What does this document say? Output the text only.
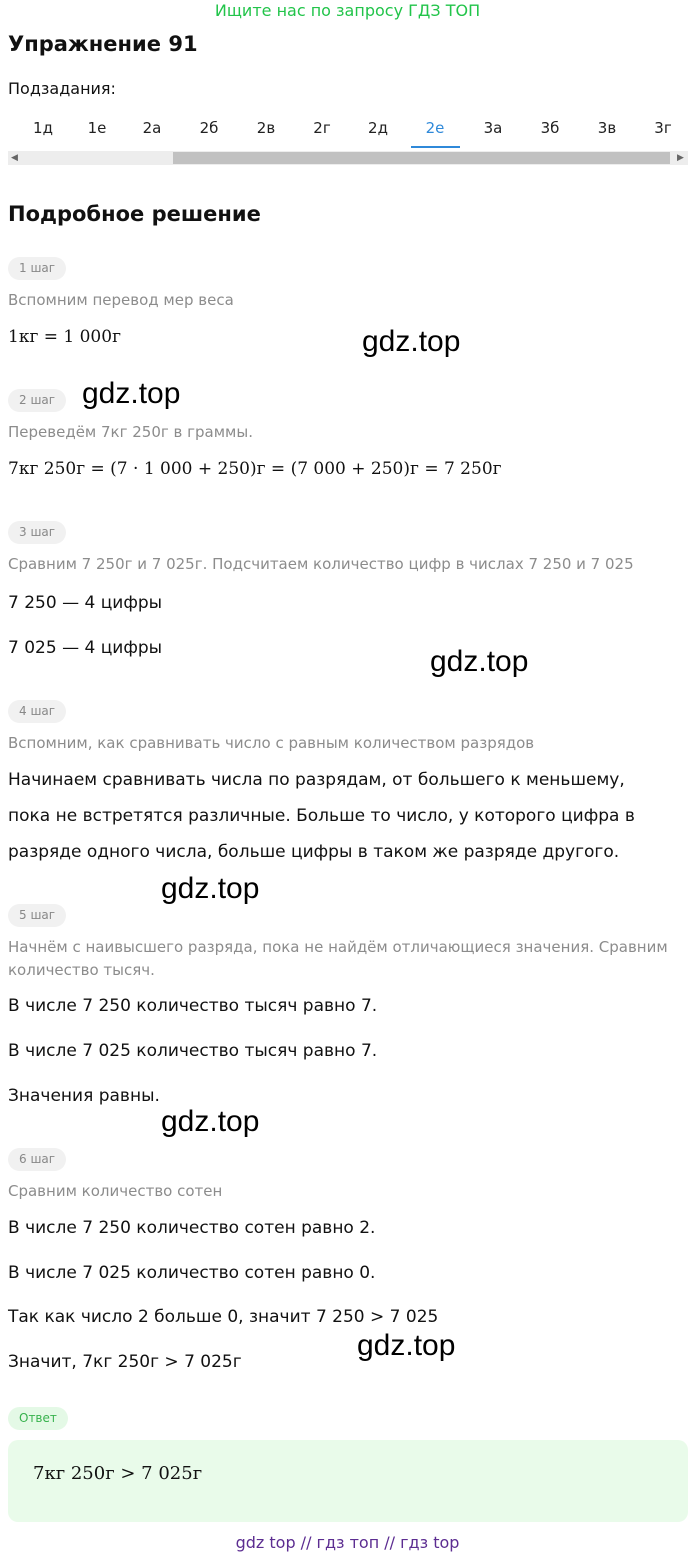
Ищите нас по запросу ГДЗ ТОП
Упражнение 91
Подзадания:
1д	1е	2а	2б	2в	2г	2д	2е	3а	3б	3в	3г
◀	▶
Подробное решение
1 шаг
Вспомним перевод мер веса
1кг = 1 000г
2 шаг
Переведём 7кг 250г в граммы.
7кг 250г = (7 · 1 000 + 250)г = (7 000 + 250)г = 7 250г
3 шаг
Сравним 7 250г и 7 025г. Подсчитаем количество цифр в числах 7 250 и 7 025
7 250 — 4 цифры
7 025 — 4 цифры
4 шаг
Вспомним, как сравнивать число с равным количеством разрядов
Начинаем сравнивать числа по разрядам, от большего к меньшему, пока не встретятся различные. Больше то число, у которого цифра в разряде одного числа, больше цифры в таком же разряде другого.
5 шаг
Начнём с наивысшего разряда, пока не найдём отличающиеся значения. Сравним количество тысяч.
В числе 7 250 количество тысяч равно 7.
В числе 7 025 количество тысяч равно 7.
Значения равны.
6 шаг
Сравним количество сотен
В числе 7 250 количество сотен равно 2.
В числе 7 025 количество сотен равно 0.
Так как число 2 больше 0, значит 7 250 > 7 025
Значит, 7кг 250г > 7 025г
gdz.top
gdz.top
gdz.top
gdz.top
gdz.top
gdz.top
Ответ
7кг 250г > 7 025г
gdz top // гдз топ // гдз top
